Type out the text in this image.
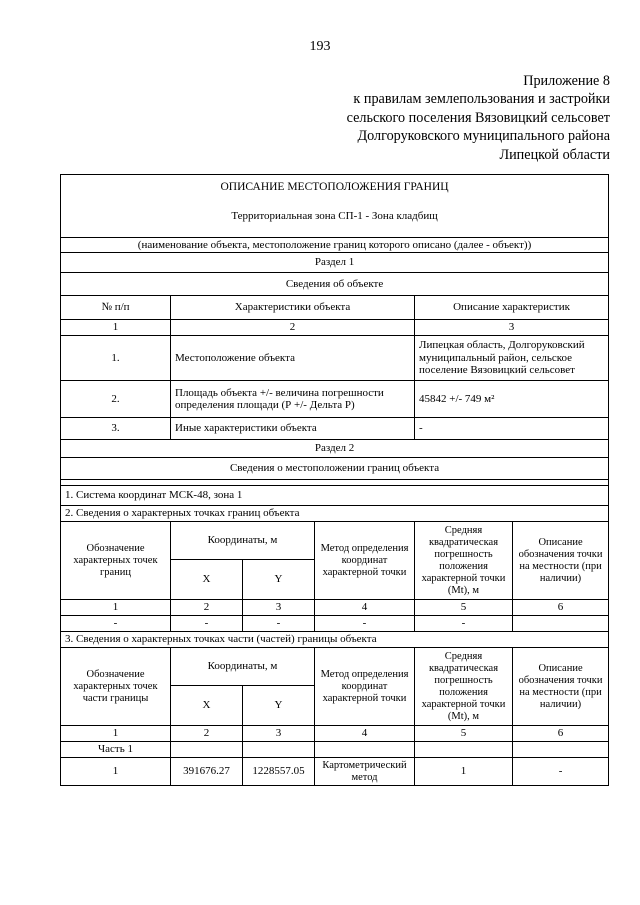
193
Приложение 8
к правилам землепользования и застройки
сельского поселения Вязовицкий сельсовет
Долгоруковского муниципального района
Липецкой области
ОПИСАНИЕ МЕСТОПОЛОЖЕНИЯ ГРАНИЦ
Территориальная зона СП-1 - Зона кладбищ					

(наименование объекта, местоположение границ которого описано (далее - объект))					
Раздел 1					
Сведения об объекте					
№ п/п	Характеристики объекта			Описание характеристик	
1	2			3	
1.	Местоположение объекта			Липецкая область, Долгоруковский муниципальный район, сельское поселение Вязовицкий сельсовет	
2.	Площадь объекта +/- величина погрешности определения площади (Р +/- Дельта Р)			45842 +/- 749 м²	
3.	Иные характеристики объекта			-	
Раздел 2					
Сведения о местоположении границ объекта					

1. Система координат МСК-48, зона 1					
2. Сведения о характерных точках границ объекта					
Обозначение характерных точек границ	Координаты, м		Метод определения координат характерной точки	Средняя квадратическая погрешность положения характерной точки (Mt), м	Описание обозначения точки на местности (при наличии)
	X	Y			
1	2	3	4	5	6
-	-	-	-	-	
3. Сведения о характерных точках части (частей) границы объекта					
Обозначение характерных точек части границы	Координаты, м		Метод определения координат характерной точки	Средняя квадратическая погрешность положения характерной точки (Mt), м	Описание обозначения точки на местности (при наличии)
	X	Y			
1	2	3	4	5	6
Часть 1					
1	391676.27	1228557.05	Картометрический метод	1	-
